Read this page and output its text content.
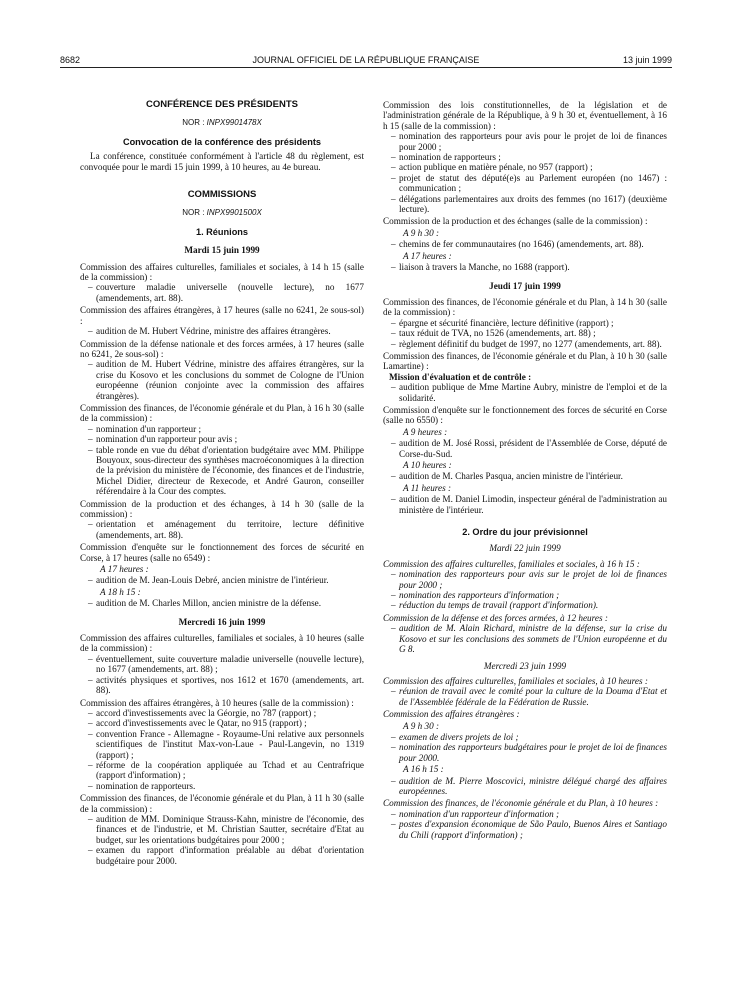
8682	JOURNAL OFFICIEL DE LA RÉPUBLIQUE FRANÇAISE	13 juin 1999
CONFÉRENCE DES PRÉSIDENTS
NOR : INPX9901478X
Convocation de la conférence des présidents

La conférence, constituée conformément à l'article 48 du règlement, est convoquée pour le mardi 15 juin 1999, à 10 heures, au 4e bureau.

COMMISSIONS
NOR : INPX9901500X
1. Réunions
Mardi 15 juin 1999

Commission des affaires culturelles, familiales et sociales, à 14 h 15 (salle de la commission) :

– couverture maladie universelle (nouvelle lecture), no 1677 (amendements, art. 88).

Commission des affaires étrangères, à 17 heures (salle no 6241, 2e sous-sol) :

– audition de M. Hubert Védrine, ministre des affaires étrangères.

Commission de la défense nationale et des forces armées, à 17 heures (salle no 6241, 2e sous-sol) :

– audition de M. Hubert Védrine, ministre des affaires étrangères, sur la crise du Kosovo et les conclusions du sommet de Cologne de l'Union européenne (réunion conjointe avec la commission des affaires étrangères).

Commission des finances, de l'économie générale et du Plan, à 16 h 30 (salle de la commission) :

– nomination d'un rapporteur ;
– nomination d'un rapporteur pour avis ;
– table ronde en vue du débat d'orientation budgétaire avec MM. Philippe Bouyoux, sous-directeur des synthèses macroéconomiques à la direction de la prévision du ministère de l'économie, des finances et de l'industrie, Michel Didier, directeur de Rexecode, et André Gauron, conseiller référendaire à la Cour des comptes.

Commission de la production et des échanges, à 14 h 30 (salle de la commission) :

– orientation et aménagement du territoire, lecture définitive (amendements, art. 88).

Commission d'enquête sur le fonctionnement des forces de sécurité en Corse, à 17 heures (salle no 6549) :

A 17 heures :

– audition de M. Jean-Louis Debré, ancien ministre de l'intérieur.

A 18 h 15 :

– audition de M. Charles Millon, ancien ministre de la défense.
Mercredi 16 juin 1999

Commission des affaires culturelles, familiales et sociales, à 10 heures (salle de la commission) :

– éventuellement, suite couverture maladie universelle (nouvelle lecture), no 1677 (amendements, art. 88) ;
– activités physiques et sportives, nos 1612 et 1670 (amendements, art. 88).

Commission des affaires étrangères, à 10 heures (salle de la commission) :

– accord d'investissements avec la Géorgie, no 787 (rapport) ;
– accord d'investissements avec le Qatar, no 915 (rapport) ;
– convention France - Allemagne - Royaume-Uni relative aux personnels scientifiques de l'institut Max-von-Laue - Paul-Langevin, no 1319 (rapport) ;
– réforme de la coopération appliquée au Tchad et au Centrafrique (rapport d'information) ;
– nomination de rapporteurs.

Commission des finances, de l'économie générale et du Plan, à 11 h 30 (salle de la commission) :

– audition de MM. Dominique Strauss-Kahn, ministre de l'économie, des finances et de l'industrie, et M. Christian Sautter, secrétaire d'Etat au budget, sur les orientations budgétaires pour 2000 ;
– examen du rapport d'information préalable au débat d'orientation budgétaire pour 2000.

Commission des lois constitutionnelles, de la législation et de l'administration générale de la République, à 9 h 30 et, éventuellement, à 16 h 15 (salle de la commission) :

– nomination des rapporteurs pour avis pour le projet de loi de finances pour 2000 ;
– nomination de rapporteurs ;
– action publique en matière pénale, no 957 (rapport) ;
– projet de statut des député(e)s au Parlement européen (no 1467) : communication ;
– délégations parlementaires aux droits des femmes (no 1617) (deuxième lecture).

Commission de la production et des échanges (salle de la commission) :

A 9 h 30 :

– chemins de fer communautaires (no 1646) (amendements, art. 88).

A 17 heures :

– liaison à travers la Manche, no 1688 (rapport).
Jeudi 17 juin 1999

Commission des finances, de l'économie générale et du Plan, à 14 h 30 (salle de la commission) :

– épargne et sécurité financière, lecture définitive (rapport) ;
– taux réduit de TVA, no 1526 (amendements, art. 88) ;
– règlement définitif du budget de 1997, no 1277 (amendements, art. 88).

Commission des finances, de l'économie générale et du Plan, à 10 h 30 (salle Lamartine) :

Mission d'évaluation et de contrôle :

– audition publique de Mme Martine Aubry, ministre de l'emploi et de la solidarité.

Commission d'enquête sur le fonctionnement des forces de sécurité en Corse (salle no 6550) :

A 9 heures :

– audition de M. José Rossi, président de l'Assemblée de Corse, député de Corse-du-Sud.

A 10 heures :

– audition de M. Charles Pasqua, ancien ministre de l'intérieur.

A 11 heures :

– audition de M. Daniel Limodin, inspecteur général de l'administration au ministère de l'intérieur.
2. Ordre du jour prévisionnel
Mardi 22 juin 1999

Commission des affaires culturelles, familiales et sociales, à 16 h 15 :

– nomination des rapporteurs pour avis sur le projet de loi de finances pour 2000 ;
– nomination des rapporteurs d'information ;
– réduction du temps de travail (rapport d'information).

Commission de la défense et des forces armées, à 12 heures :

– audition de M. Alain Richard, ministre de la défense, sur la crise du Kosovo et sur les conclusions des sommets de l'Union européenne et du G 8.
Mercredi 23 juin 1999

Commission des affaires culturelles, familiales et sociales, à 10 heures :

– réunion de travail avec le comité pour la culture de la Douma d'Etat et de l'Assemblée fédérale de la Fédération de Russie.

Commission des affaires étrangères :

A 9 h 30 :

– examen de divers projets de loi ;
– nomination des rapporteurs budgétaires pour le projet de loi de finances pour 2000.

A 16 h 15 :

– audition de M. Pierre Moscovici, ministre délégué chargé des affaires européennes.

Commission des finances, de l'économie générale et du Plan, à 10 heures :

– nomination d'un rapporteur d'information ;
– postes d'expansion économique de São Paulo, Buenos Aires et Santiago du Chili (rapport d'information) ;
